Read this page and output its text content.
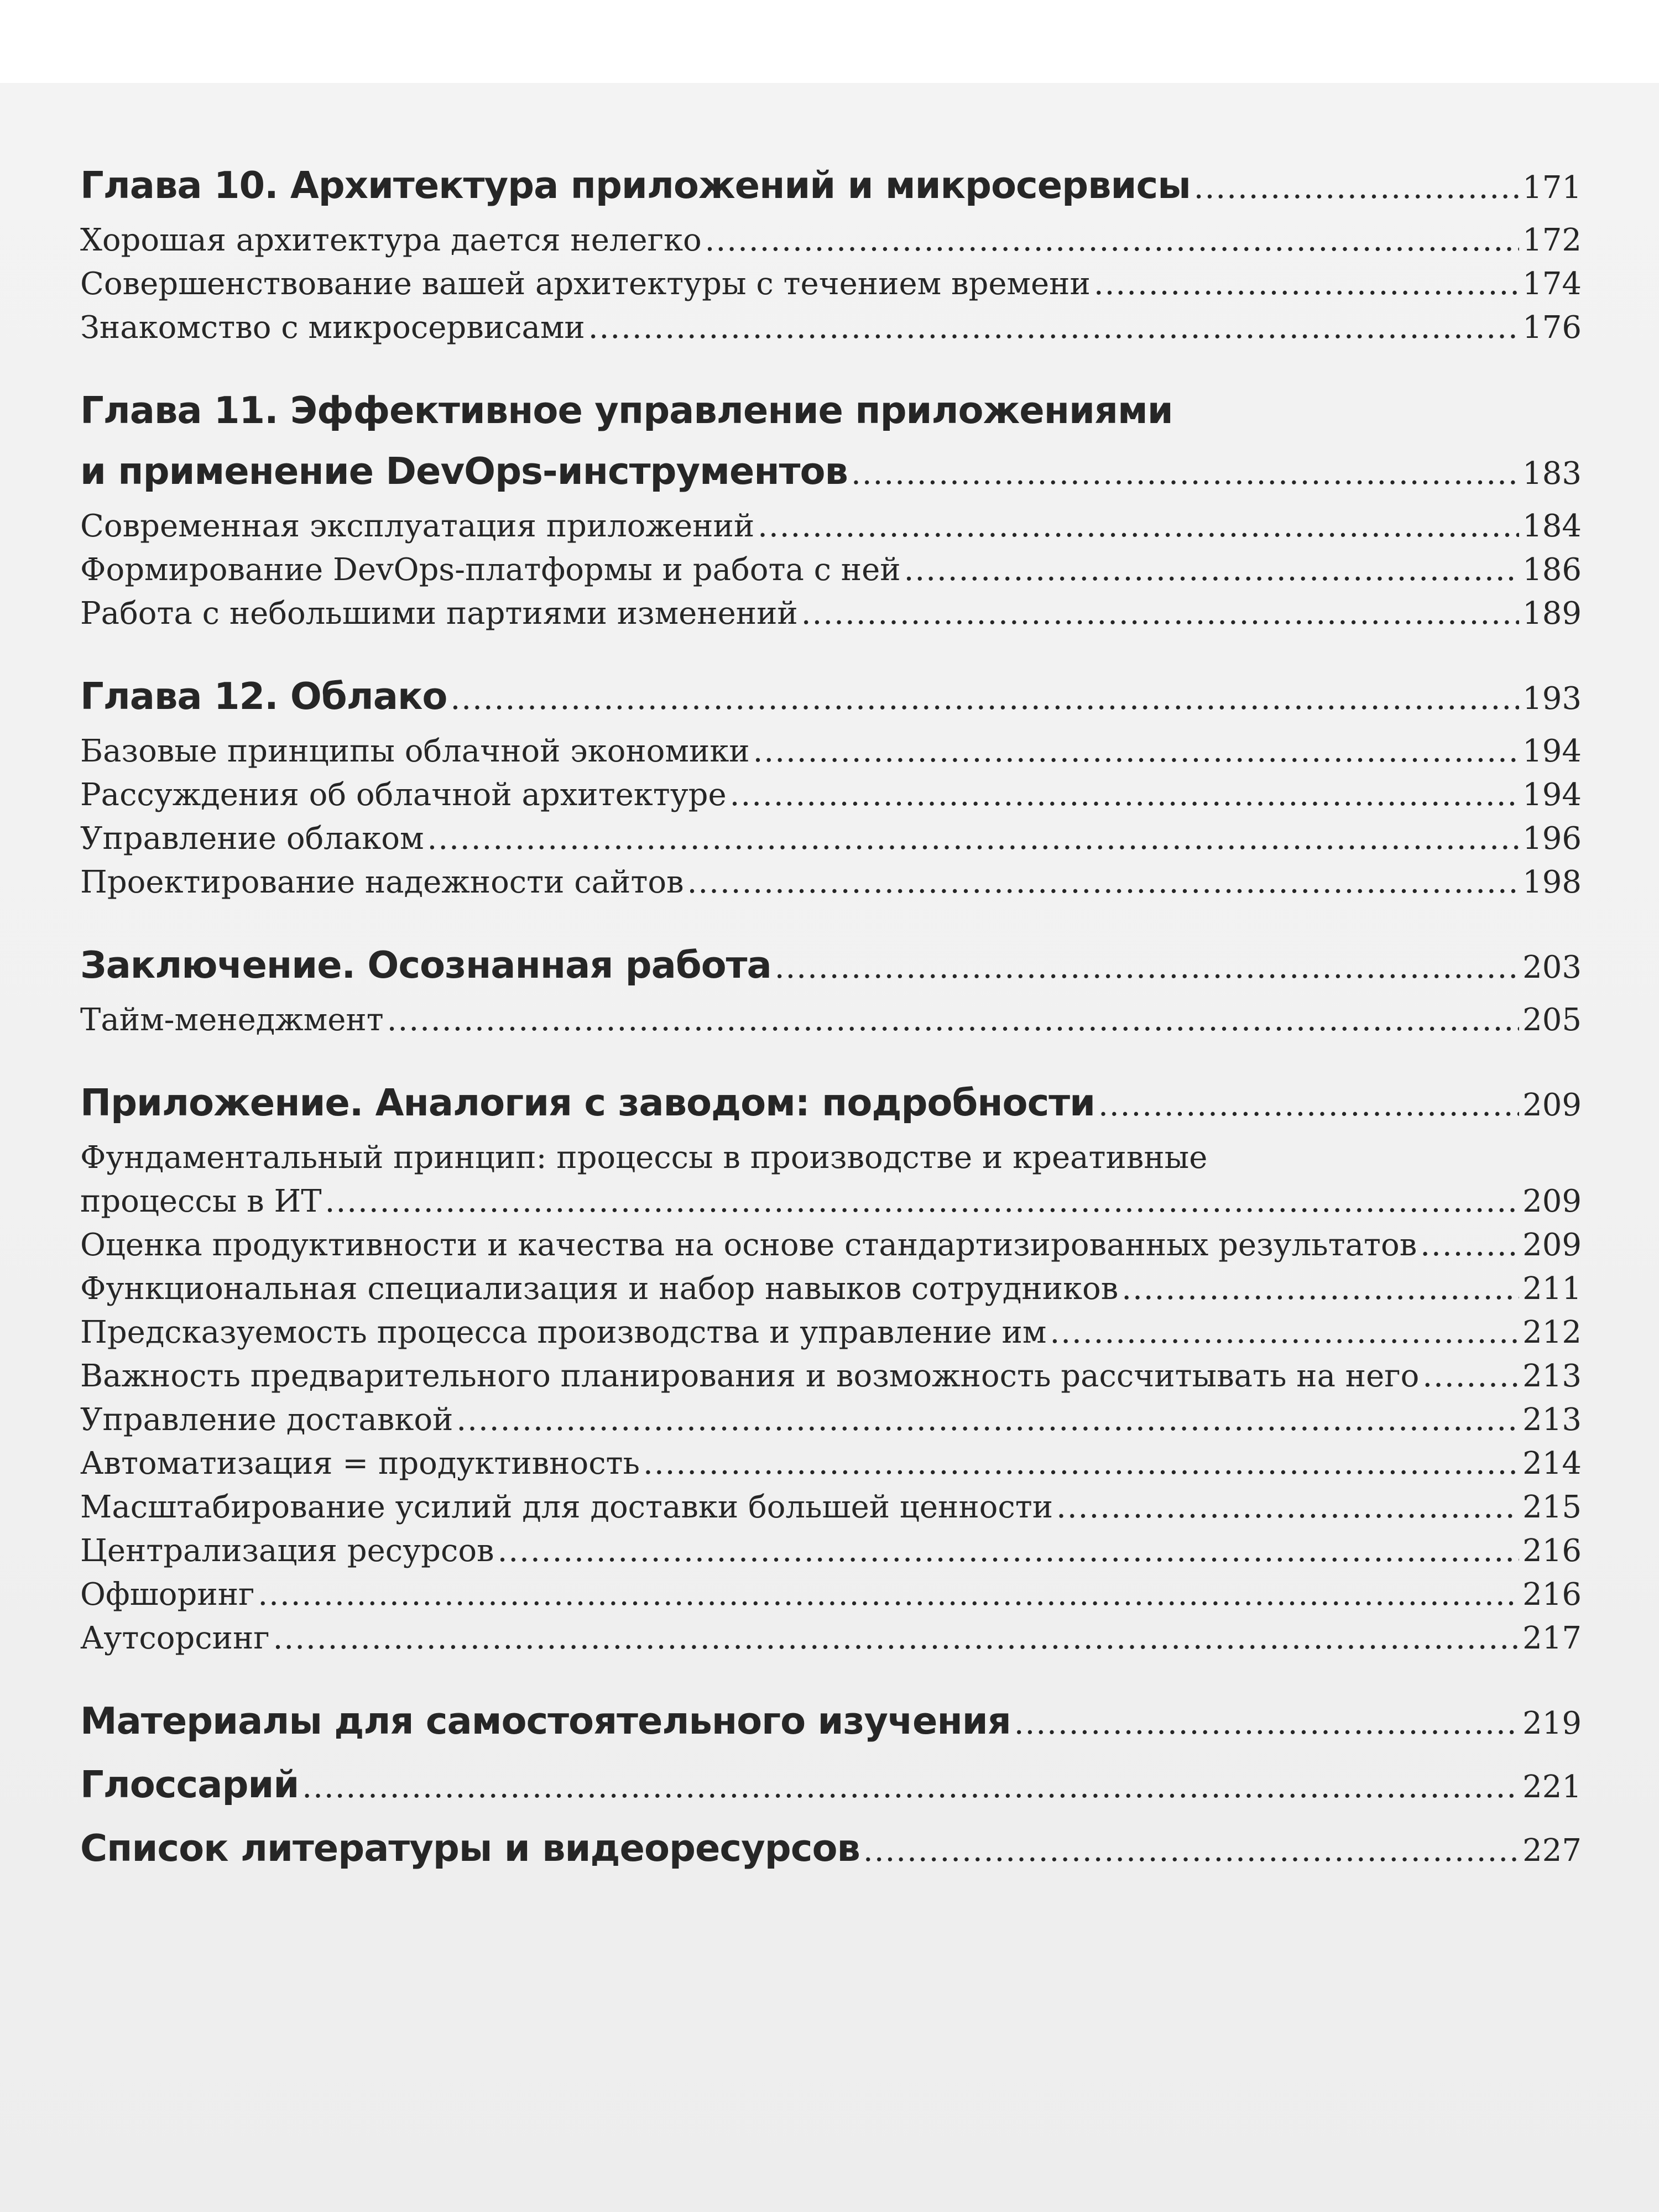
Глава 10. Архитектура приложений и микросервисы .....	171
Хорошая архитектура дается нелегко .....	172
Совершенствование вашей архитектуры с течением времени .....	174
Знакомство с микросервисами .....	176
Глава 11. Эффективное управление приложениями
и применение DevOps-инструментов .....	183
Современная эксплуатация приложений .....	184
Формирование DevOps-платформы и работа с ней .....	186
Работа с небольшими партиями изменений .....	189
Глава 12. Облако .....	193
Базовые принципы облачной экономики .....	194
Рассуждения об облачной архитектуре .....	194
Управление облаком .....	196
Проектирование надежности сайтов .....	198
Заключение. Осознанная работа .....	203
Тайм-менеджмент .....	205
Приложение. Аналогия с заводом: подробности .....	209
Фундаментальный принцип: процессы в производстве и креативные
процессы в ИТ .....	209
Оценка продуктивности и качества на основе стандартизированных результатов .....	209
Функциональная специализация и набор навыков сотрудников .....	211
Предсказуемость процесса производства и управление им .....	212
Важность предварительного планирования и возможность рассчитывать на него .....	213
Управление доставкой .....	213
Автоматизация = продуктивность .....	214
Масштабирование усилий для доставки большей ценности .....	215
Централизация ресурсов .....	216
Офшоринг .....	216
Аутсорсинг .....	217
Материалы для самостоятельного изучения .....	219
Глоссарий .....	221
Список литературы и видеоресурсов .....	227
